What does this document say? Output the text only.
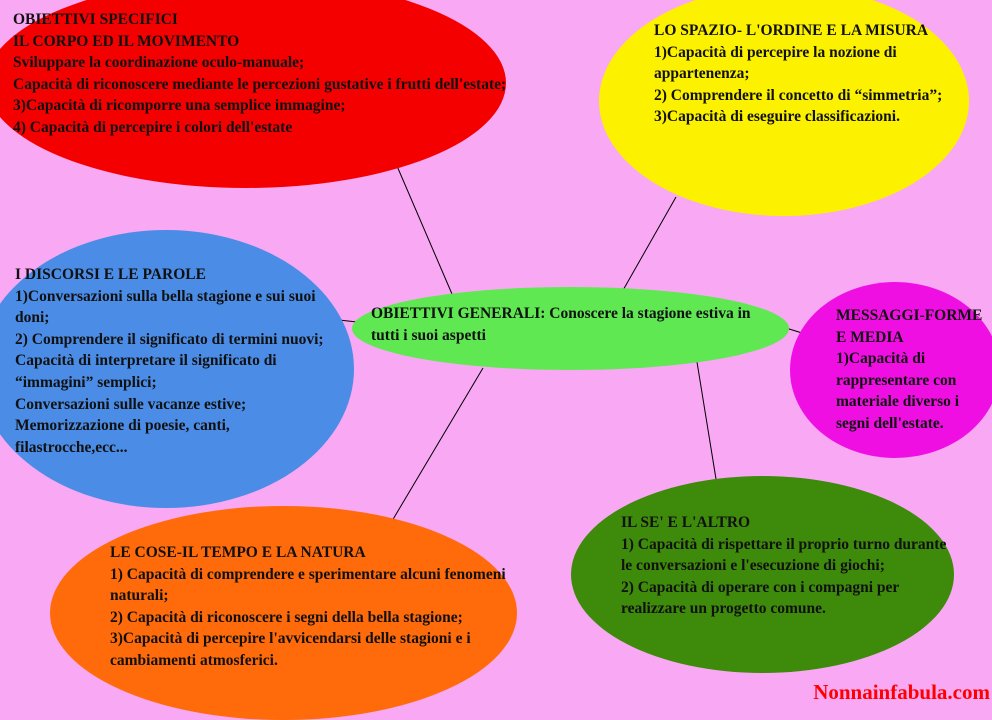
OBIETTIVI SPECIFICI
IL CORPO ED IL MOVIMENTO
Sviluppare la coordinazione oculo-manuale;
Capacità di riconoscere mediante le percezioni gustative i frutti dell'estate;
3)Capacità di ricomporre una semplice immagine;
4) Capacità di percepire i colori dell'estate
LO SPAZIO- L'ORDINE E LA MISURA
1)Capacità di percepire la nozione di appartenenza;
2) Comprendere il concetto di “simmetria”;
3)Capacità di eseguire classificazioni.
I DISCORSI E LE PAROLE
1)Conversazioni sulla bella stagione e sui suoi doni;
2) Comprendere il significato di termini nuovi;
Capacità di interpretare il significato di “immagini” semplici;
Conversazioni sulle vacanze estive;
Memorizzazione di poesie, canti, filastrocche,ecc...
OBIETTIVI GENERALI: Conoscere la stagione estiva in tutti i suoi aspetti
MESSAGGI-FORME E MEDIA
1)Capacità di rappresentare con materiale diverso i segni dell'estate.
LE COSE-IL TEMPO E LA NATURA
1) Capacità di comprendere e sperimentare alcuni fenomeni naturali;
2) Capacità di riconoscere i segni della bella stagione;
3)Capacità di percepire l'avvicendarsi delle stagioni e i cambiamenti atmosferici.
IL SE' E L'ALTRO
1) Capacità di rispettare il proprio turno durante le conversazioni e l'esecuzione di giochi;
2) Capacità di operare con i compagni per realizzare un progetto comune.
Nonnainfabula.com
